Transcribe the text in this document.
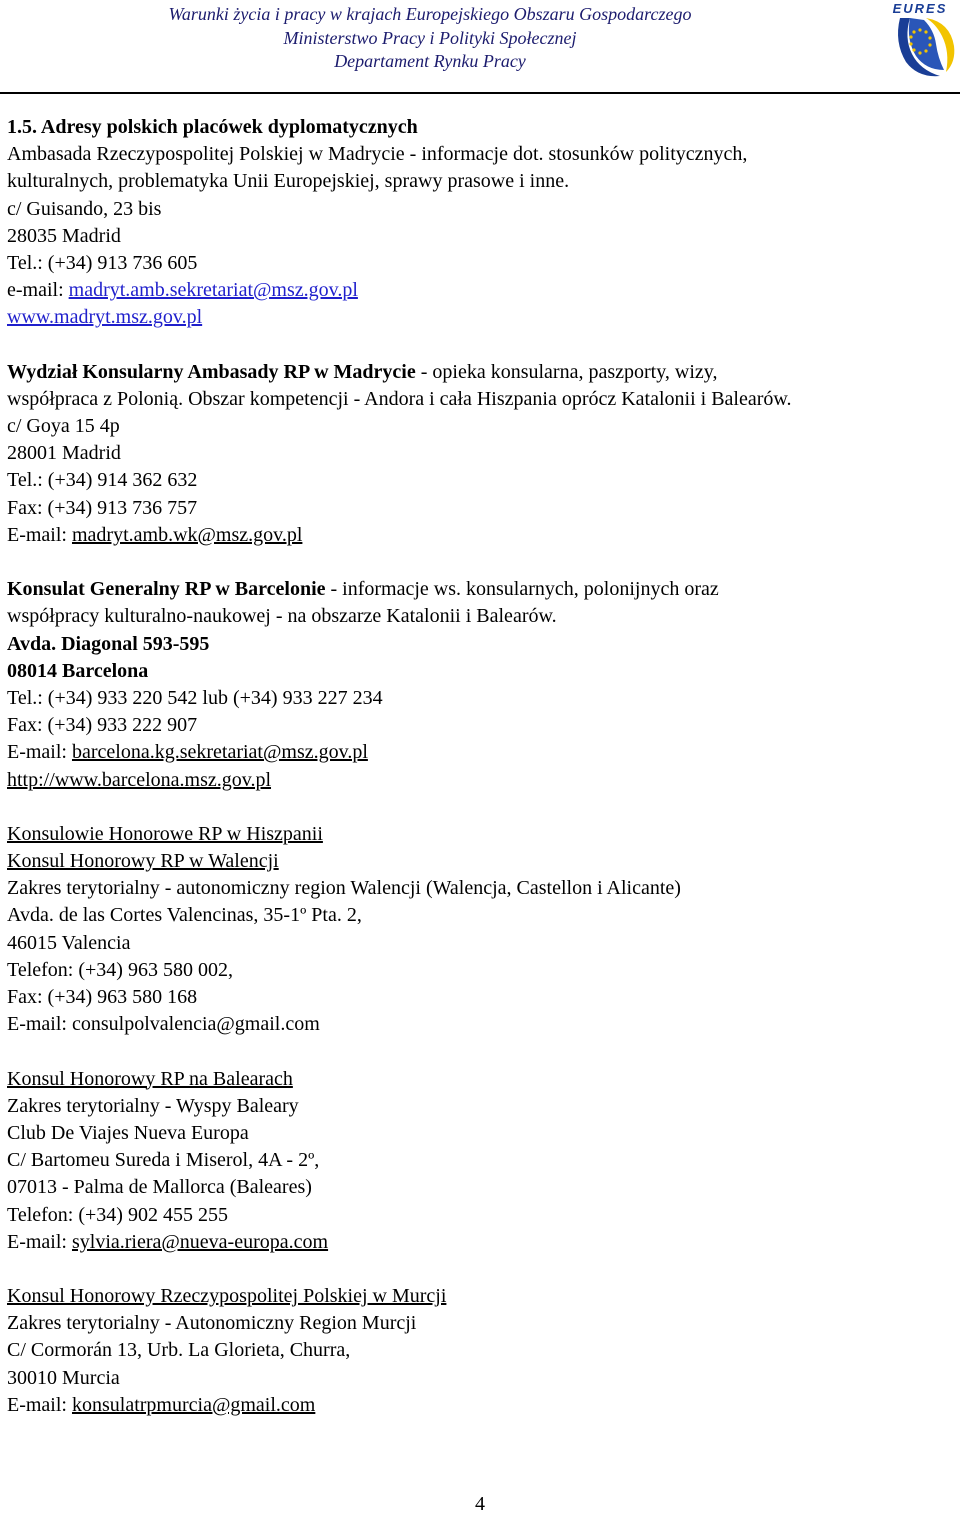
Warunki życia i pracy w krajach Europejskiego Obszaru Gospodarczego
Ministerstwo Pracy i Polityki Społecznej
Departament Rynku Pracy
EURES
1.5. Adresy polskich placówek dyplomatycznych
Ambasada Rzeczypospolitej Polskiej w Madrycie - informacje dot. stosunków politycznych,
kulturalnych, problematyka Unii Europejskiej, sprawy prasowe i inne.
c/ Guisando, 23 bis
28035 Madrid
Tel.: (+34) 913 736 605
e-mail: madryt.amb.sekretariat@msz.gov.pl
www.madryt.msz.gov.pl
Wydział Konsularny Ambasady RP w Madrycie - opieka konsularna, paszporty, wizy,
współpraca z Polonią. Obszar kompetencji - Andora i cała Hiszpania oprócz Katalonii i Balearów.
c/ Goya 15 4p
28001 Madrid
Tel.: (+34) 914 362 632
Fax: (+34) 913 736 757
E-mail: madryt.amb.wk@msz.gov.pl
Konsulat Generalny RP w Barcelonie - informacje ws. konsularnych, polonijnych oraz
współpracy kulturalno-naukowej - na obszarze Katalonii i Balearów.
Avda. Diagonal 593-595
08014 Barcelona
Tel.: (+34) 933 220 542 lub (+34) 933 227 234
Fax: (+34) 933 222 907
E-mail: barcelona.kg.sekretariat@msz.gov.pl
http://www.barcelona.msz.gov.pl
Konsulowie Honorowe RP w Hiszpanii
Konsul Honorowy RP w Walencji
Zakres terytorialny - autonomiczny region Walencji (Walencja, Castellon i Alicante)
Avda. de las Cortes Valencinas, 35-1º Pta. 2,
46015 Valencia
Telefon: (+34) 963 580 002,
Fax: (+34) 963 580 168
E-mail: consulpolvalencia@gmail.com
Konsul Honorowy RP na Balearach
Zakres terytorialny - Wyspy Baleary
Club De Viajes Nueva Europa
C/ Bartomeu Sureda i Miserol, 4A - 2º,
07013 - Palma de Mallorca (Baleares)
Telefon: (+34) 902 455 255
E-mail: sylvia.riera@nueva-europa.com
Konsul Honorowy Rzeczypospolitej Polskiej w Murcji
Zakres terytorialny - Autonomiczny Region Murcji
C/ Cormorán 13, Urb. La Glorieta, Churra,
30010 Murcia
E-mail: konsulatrpmurcia@gmail.com
4
